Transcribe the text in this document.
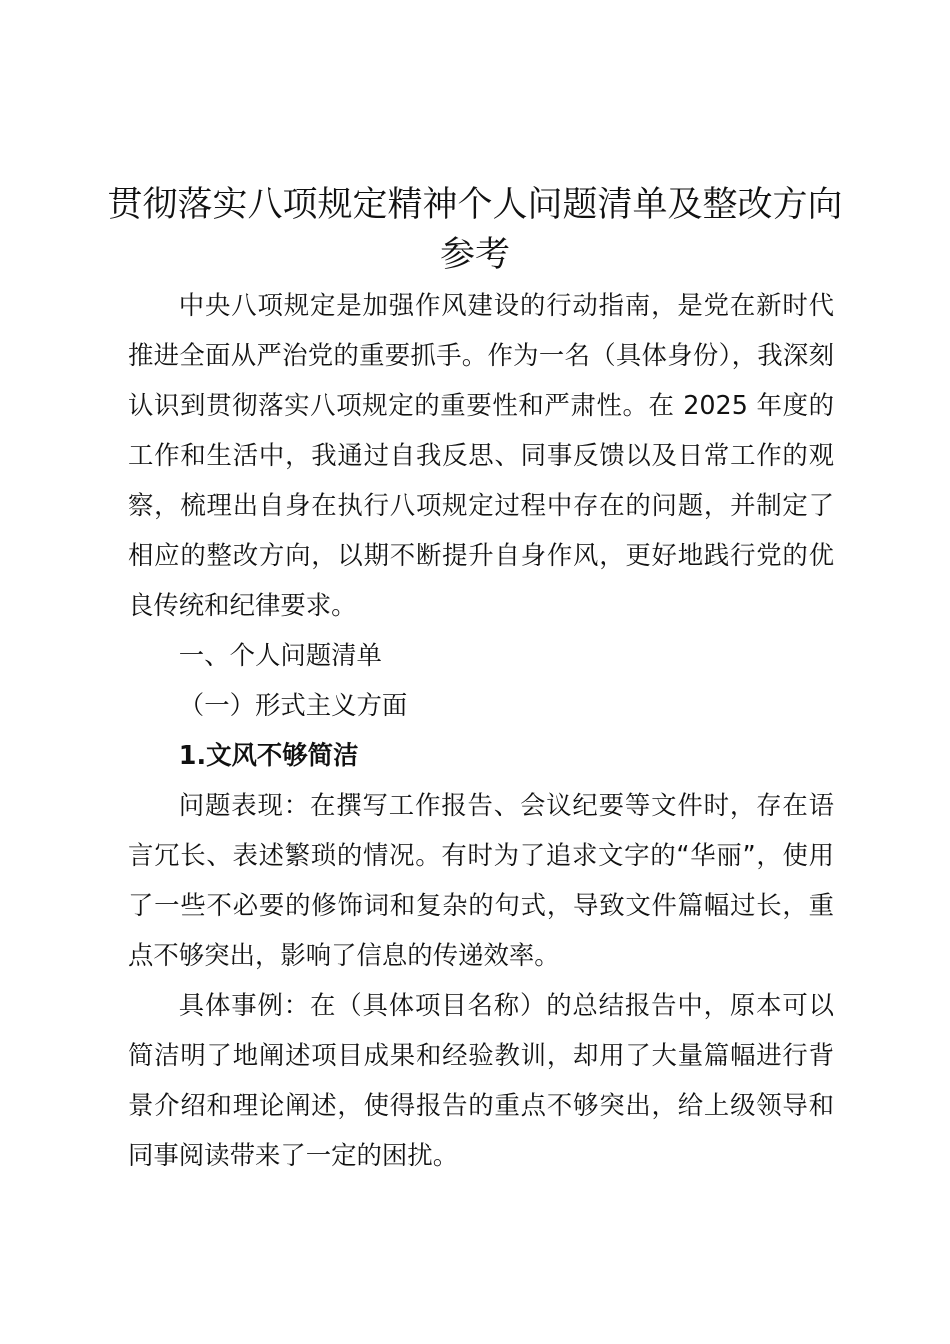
贯彻落实八项规定精神个人问题清单及整改方向参考

中央八项规定是加强作风建设的行动指南，是党在新时代推进全面从严治党的重要抓手。作为一名（具体身份），我深刻认识到贯彻落实八项规定的重要性和严肃性。在 2025 年度的工作和生活中，我通过自我反思、同事反馈以及日常工作的观察，梳理出自身在执行八项规定过程中存在的问题，并制定了相应的整改方向，以期不断提升自身作风，更好地践行党的优良传统和纪律要求。

一、个人问题清单

（一）形式主义方面

1.文风不够简洁

问题表现：在撰写工作报告、会议纪要等文件时，存在语言冗长、表述繁琐的情况。有时为了追求文字的“华丽”，使用了一些不必要的修饰词和复杂的句式，导致文件篇幅过长，重点不够突出，影响了信息的传递效率。

具体事例：在（具体项目名称）的总结报告中，原本可以简洁明了地阐述项目成果和经验教训，却用了大量篇幅进行背景介绍和理论阐述，使得报告的重点不够突出，给上级领导和同事阅读带来了一定的困扰。
